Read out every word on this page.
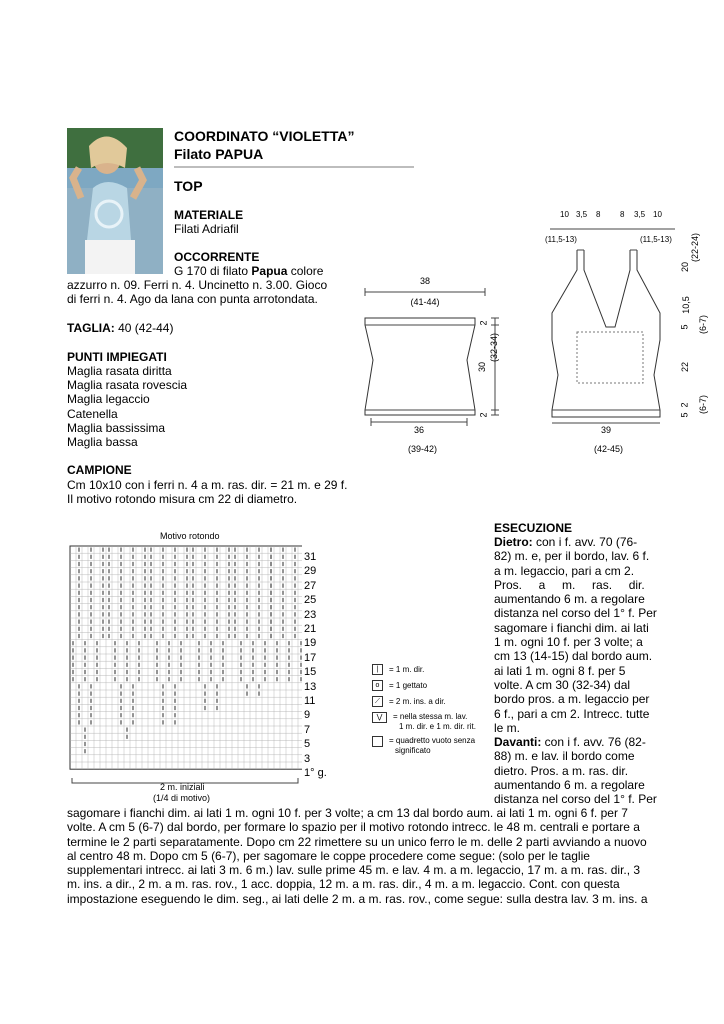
COORDINATO “VIOLETTA”
Filato PAPUA
TOP
MATERIALE
Filati Adriafil
OCCORRENTE
G 170 di filato Papua colore
azzurro n. 09. Ferri n. 4. Uncinetto n. 3.00. Gioco
di ferri n. 4. Ago da lana con punta arrotondata.
TAGLIA: 40 (42-44)
PUNTI IMPIEGATI
Maglia rasata diritta
Maglia rasata rovescia
Maglia legaccio
Catenella
Maglia bassissima
Maglia bassa
CAMPIONE
Cm 10x10 con i ferri n. 4 a m. ras. dir. = 21 m. e 29 f.
Il motivo rotondo misura cm 22 di diametro.
38
(41-44)
36
(39-42)
2
30
(32-34)
2
10 3,5 8 8 3,5 10
(11,5-13)	(11,5-13)
39
(42-45)
20
10,5
5
22
2
5
(22-24)
(6-7)
(6-7)
Motivo rotondo
31
29
27
25
23
21
19
17
15
13
11
9
7
5
3
1° g.
2 m. iniziali
(1/4 di motivo)
|	= 1 m. dir.
o	= 1 gettato
⟋	= 2 m. ins. a dir.
⋁	= nella stessa m. lav.
1 m. dir. e 1 m. dir. rit.
= quadretto vuoto senza
significato
ESECUZIONE
Dietro: con i f. avv. 70 (76-
82) m. e, per il bordo, lav. 6 f.
a m. legaccio, pari a cm 2.
Pros.     a     m.     ras.     dir.
aumentando 6 m. a regolare
distanza nel corso del 1° f. Per
sagomare i fianchi dim. ai lati
1 m. ogni 10 f. per 3 volte; a
cm 13 (14-15) dal bordo aum.
ai lati 1 m. ogni 8 f. per 5
volte. A cm 30 (32-34) dal
bordo pros. a m. legaccio per
6 f., pari a cm 2. Intrecc. tutte
le m.
Davanti: con i f. avv. 76 (82-
88) m. e lav. il bordo come
dietro. Pros. a m. ras. dir.
aumentando 6 m. a regolare
distanza nel corso del 1° f. Per
sagomare i fianchi dim. ai lati 1 m. ogni 10 f. per 3 volte; a cm 13 dal bordo aum. ai lati 1 m. ogni 6 f. per 7
volte. A cm 5 (6-7) dal bordo, per formare lo spazio per il motivo rotondo intrecc. le 48 m. centrali e portare a
termine le 2 parti separatamente. Dopo cm 22 rimettere su un unico ferro le m. delle 2 parti avviando a nuovo
al centro 48 m. Dopo cm 5 (6-7), per sagomare le coppe procedere come segue: (solo per le taglie
supplementari intrecc. ai lati 3 m. 6 m.) lav. sulle prime 45 m. e lav. 4 m. a m. legaccio, 17 m. a m. ras. dir., 3
m. ins. a dir., 2 m. a m. ras. rov., 1 acc. doppia, 12 m. a m. ras. dir., 4 m. a m. legaccio. Cont. con questa
impostazione eseguendo le dim. seg., ai lati delle 2 m. a m. ras. rov., come segue: sulla destra lav. 3 m. ins. a
